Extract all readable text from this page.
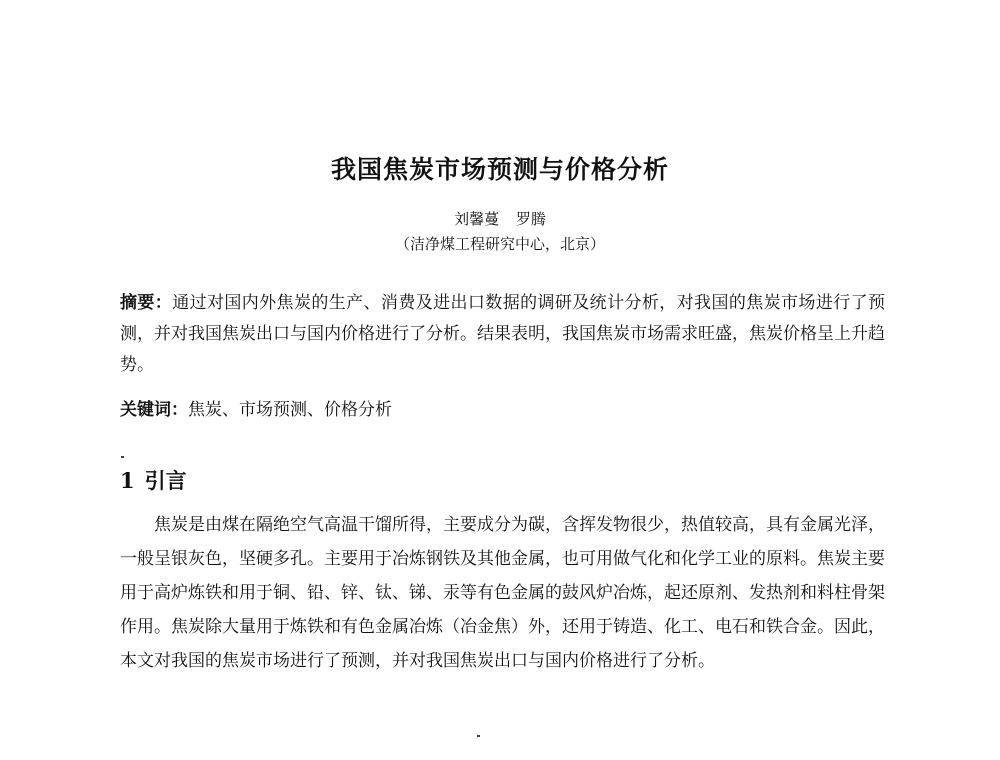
我国焦炭市场预测与价格分析
刘馨蔓 罗腾
（洁净煤工程研究中心，北京）
摘要：通过对国内外焦炭的生产、消费及进出口数据的调研及统计分析，对我国的焦炭市场进行了预测，并对我国焦炭出口与国内价格进行了分析。结果表明，我国焦炭市场需求旺盛，焦炭价格呈上升趋势。
关键词：焦炭、市场预测、价格分析
1 引言
焦炭是由煤在隔绝空气高温干馏所得，主要成分为碳，含挥发物很少，热值较高，具有金属光泽，一般呈银灰色，坚硬多孔。主要用于冶炼钢铁及其他金属，也可用做气化和化学工业的原料。焦炭主要用于高炉炼铁和用于铜、铅、锌、钛、锑、汞等有色金属的鼓风炉冶炼，起还原剂、发热剂和料柱骨架作用。焦炭除大量用于炼铁和有色金属冶炼（冶金焦）外，还用于铸造、化工、电石和铁合金。因此，本文对我国的焦炭市场进行了预测，并对我国焦炭出口与国内价格进行了分析。
